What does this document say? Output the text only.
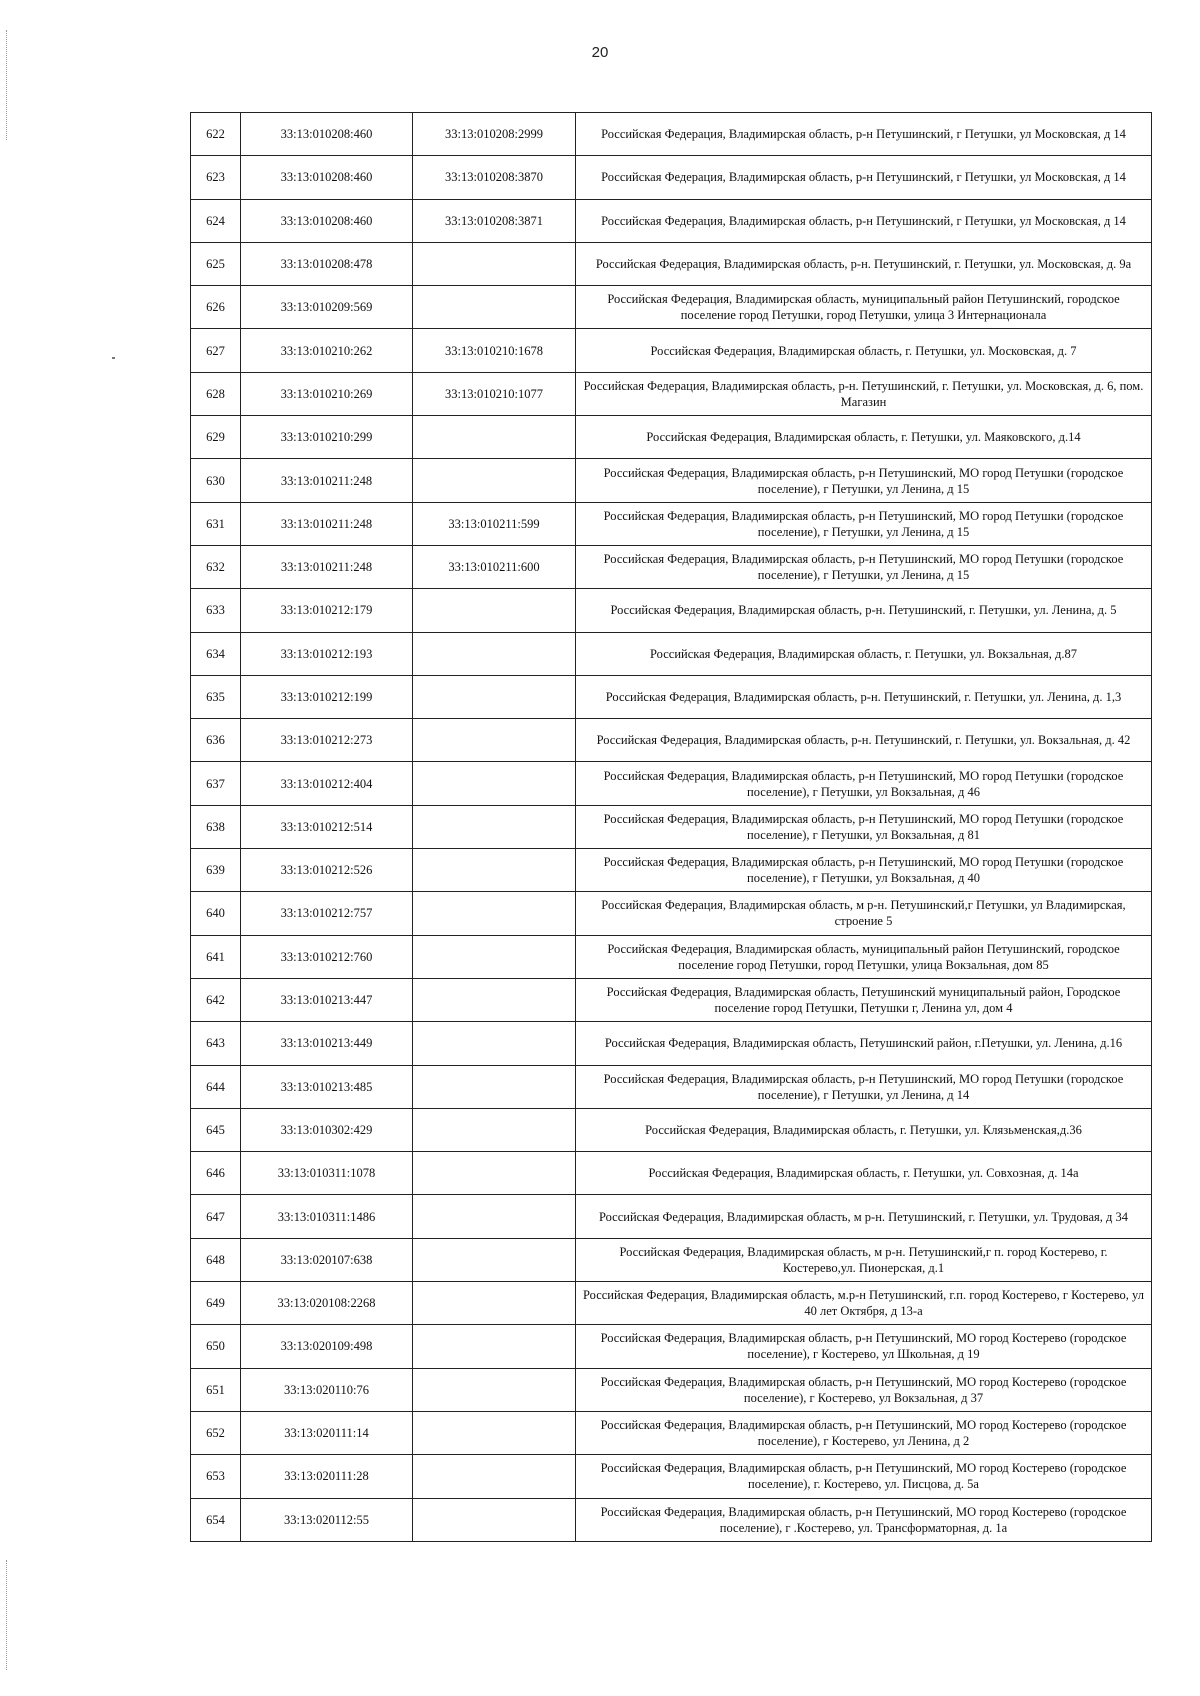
20
622	33:13:010208:460	33:13:010208:2999	Российская Федерация, Владимирская область, р-н Петушинский, г Петушки, ул Московская, д 14
623	33:13:010208:460	33:13:010208:3870	Российская Федерация, Владимирская область, р-н Петушинский, г Петушки, ул Московская, д 14
624	33:13:010208:460	33:13:010208:3871	Российская Федерация, Владимирская область, р-н Петушинский, г Петушки, ул Московская, д 14
625	33:13:010208:478		Российская Федерация, Владимирская область, р-н. Петушинский, г. Петушки, ул. Московская, д. 9а
626	33:13:010209:569		Российская Федерация, Владимирская область, муниципальный район Петушинский, городское поселение город Петушки, город Петушки, улица 3 Интернационала
627	33:13:010210:262	33:13:010210:1678	Российская Федерация, Владимирская область, г. Петушки, ул. Московская, д. 7
628	33:13:010210:269	33:13:010210:1077	Российская Федерация, Владимирская область, р-н. Петушинский, г. Петушки, ул. Московская, д. 6, пом. Магазин
629	33:13:010210:299		Российская Федерация, Владимирская область, г. Петушки, ул. Маяковского, д.14
630	33:13:010211:248		Российская Федерация, Владимирская область, р-н Петушинский, МО город Петушки (городское поселение), г Петушки, ул Ленина, д 15
631	33:13:010211:248	33:13:010211:599	Российская Федерация, Владимирская область, р-н Петушинский, МО город Петушки (городское поселение), г Петушки, ул Ленина, д 15
632	33:13:010211:248	33:13:010211:600	Российская Федерация, Владимирская область, р-н Петушинский, МО город Петушки (городское поселение), г Петушки, ул Ленина, д 15
633	33:13:010212:179		Российская Федерация, Владимирская область, р-н. Петушинский, г. Петушки, ул. Ленина, д. 5
634	33:13:010212:193		Российская Федерация, Владимирская область, г. Петушки, ул. Вокзальная, д.87
635	33:13:010212:199		Российская Федерация, Владимирская область, р-н. Петушинский, г. Петушки, ул. Ленина, д. 1,3
636	33:13:010212:273		Российская Федерация, Владимирская область, р-н. Петушинский, г. Петушки, ул. Вокзальная, д. 42
637	33:13:010212:404		Российская Федерация, Владимирская область, р-н Петушинский, МО город Петушки (городское поселение), г Петушки, ул Вокзальная, д 46
638	33:13:010212:514		Российская Федерация, Владимирская область, р-н Петушинский, МО город Петушки (городское поселение), г Петушки, ул Вокзальная, д 81
639	33:13:010212:526		Российская Федерация, Владимирская область, р-н Петушинский, МО город Петушки (городское поселение), г Петушки, ул Вокзальная, д 40
640	33:13:010212:757		Российская Федерация, Владимирская область, м р-н. Петушинский,г Петушки, ул Владимирская, строение 5
641	33:13:010212:760		Российская Федерация, Владимирская область, муниципальный район Петушинский, городское поселение город Петушки, город Петушки, улица Вокзальная, дом 85
642	33:13:010213:447		Российская Федерация, Владимирская область, Петушинский муниципальный район, Городское поселение город Петушки, Петушки г, Ленина ул, дом 4
643	33:13:010213:449		Российская Федерация, Владимирская область, Петушинский район, г.Петушки, ул. Ленина, д.16
644	33:13:010213:485		Российская Федерация, Владимирская область, р-н Петушинский, МО город Петушки (городское поселение), г Петушки, ул Ленина, д 14
645	33:13:010302:429		Российская Федерация, Владимирская область, г. Петушки, ул. Клязьменская,д.36
646	33:13:010311:1078		Российская Федерация, Владимирская область, г. Петушки, ул. Совхозная, д. 14а
647	33:13:010311:1486		Российская Федерация, Владимирская область, м р-н. Петушинский, г. Петушки, ул. Трудовая, д 34
648	33:13:020107:638		Российская Федерация, Владимирская область, м р-н. Петушинский,г п. город Костерево, г. Костерево,ул. Пионерская, д.1
649	33:13:020108:2268		Российская Федерация, Владимирская область, м.р-н Петушинский, г.п. город Костерево, г Костерево, ул 40 лет Октября, д 13-а
650	33:13:020109:498		Российская Федерация, Владимирская область, р-н Петушинский, МО город Костерево (городское поселение), г Костерево, ул Школьная, д 19
651	33:13:020110:76		Российская Федерация, Владимирская область, р-н Петушинский, МО город Костерево (городское поселение), г Костерево, ул Вокзальная, д 37
652	33:13:020111:14		Российская Федерация, Владимирская область, р-н Петушинский, МО город Костерево (городское поселение), г Костерево, ул Ленина, д 2
653	33:13:020111:28		Российская Федерация, Владимирская область, р-н Петушинский, МО город Костерево (городское поселение), г. Костерево, ул. Писцова, д. 5а
654	33:13:020112:55		Российская Федерация, Владимирская область, р-н Петушинский, МО город Костерево (городское поселение), г .Костерево, ул. Трансформаторная, д. 1а
